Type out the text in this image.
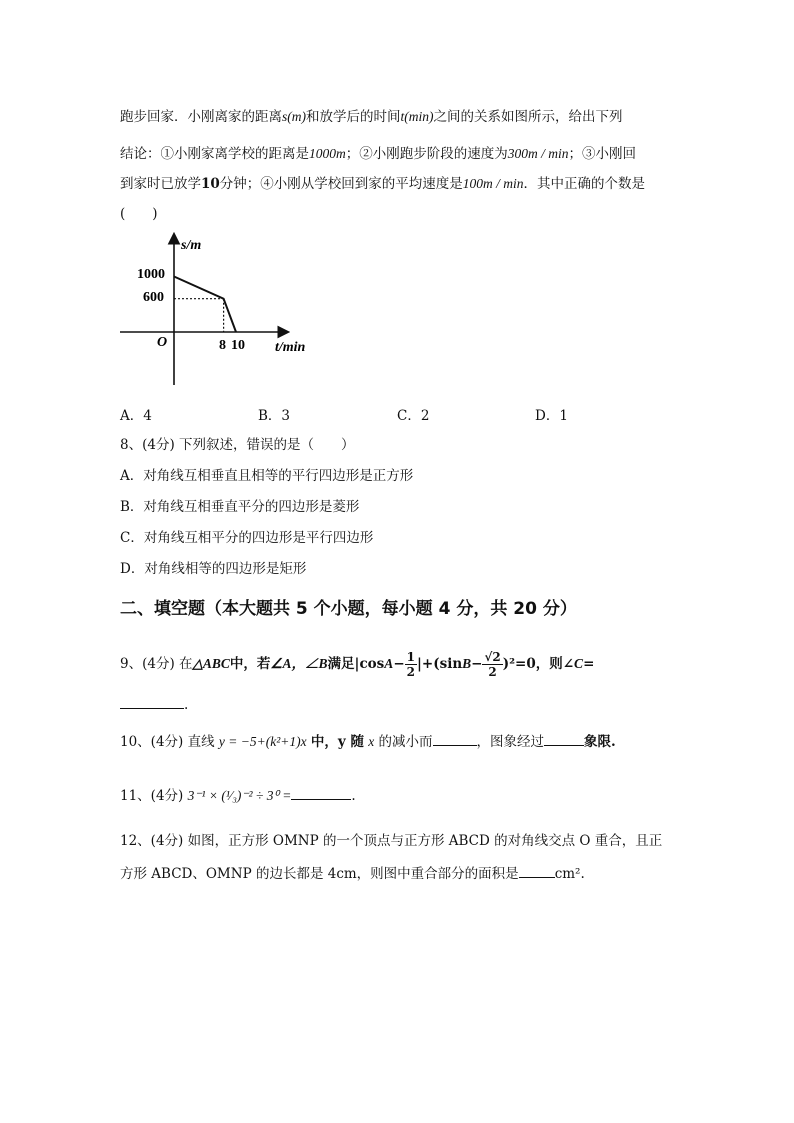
跑步回家．小刚离家的距离s(m)和放学后的时间t(min)之间的关系如图所示，给出下列
结论：①小刚家离学校的距离是1000m；②小刚跑步阶段的速度为300m / min；③小刚回
到家时已放学10分钟；④小刚从学校回到家的平均速度是100m / min．其中正确的个数是
(　　)
s/m
t/min
O
1000
600
8 10
A．4	B．3	C．2	D．1
8、(4分) 下列叙述，错误的是（　　）
A．对角线互相垂直且相等的平行四边形是正方形
B．对角线互相垂直平分的四边形是菱形
C．对角线互相平分的四边形是平行四边形
D．对角线相等的四边形是矩形
二、填空题（本大题共 5 个小题，每小题 4 分，共 20 分）
9、(4分) 在△ABC中，若∠A，∠B满足$|\cos A- \frac{1}{2} |+(\sin B- \frac{√2}{2} )^2=0$，则∠C=
.
10、(4分) 直线 y = −5+(k²+1)x 中，y 随 x 的减小而	，图象经过	象限.
11、(4分) 3⁻¹ × (¹⁄₃)⁻² ÷ 3⁰ =	.
12、(4分) 如图，正方形 OMNP 的一个顶点与正方形 ABCD 的对角线交点 O 重合，且正
方形 ABCD、OMNP 的边长都是 4cm，则图中重合部分的面积是	cm².
